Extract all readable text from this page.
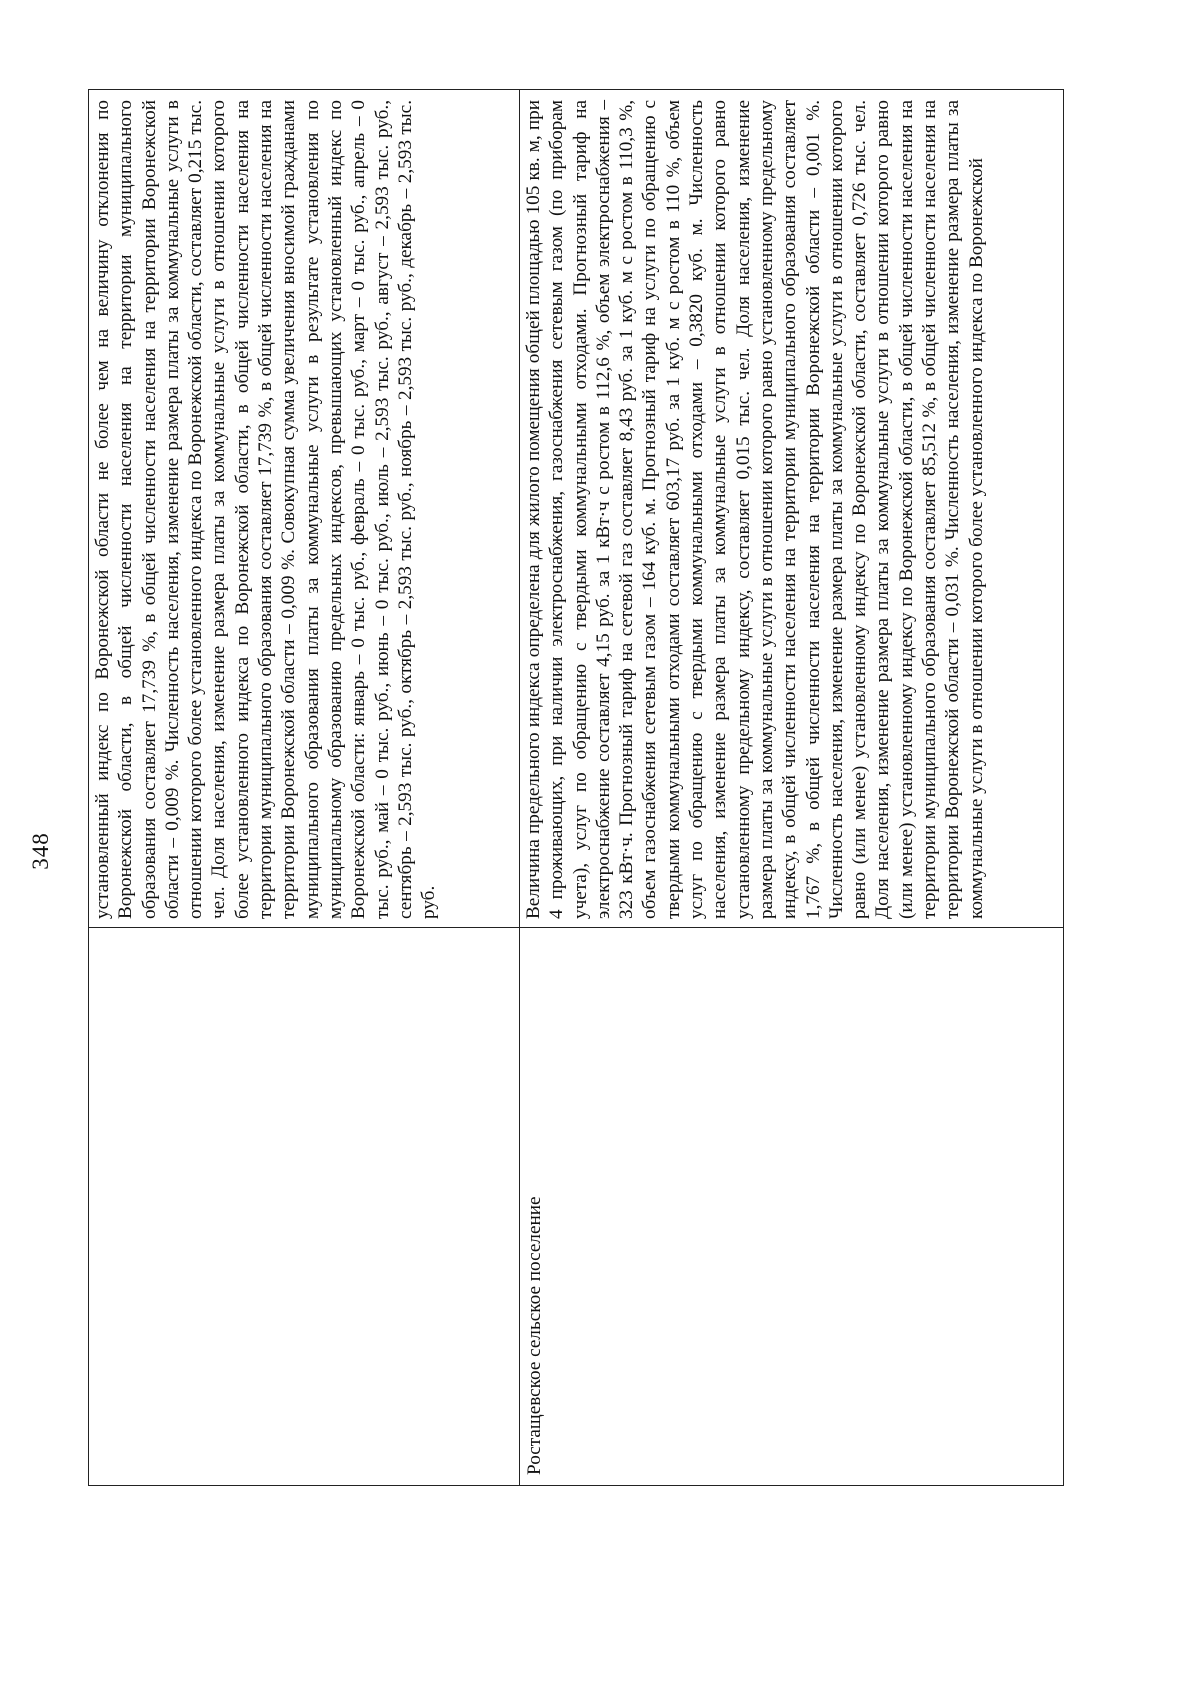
348
	установленный индекс по Воронежской области не более чем на величину отклонения по Воронежской области, в общей численности населения на территории муниципального образования составляет 17,739 %, в общей численности населения на территории Воронежской области – 0,009 %. Численность населения, изменение размера платы за коммунальные услуги в отношении которого более установленного индекса по Воронежской области, составляет 0,215 тыс. чел. Доля населения, изменение размера платы за коммунальные услуги в отношении которого более установленного индекса по Воронежской области, в общей численности населения на территории муниципального образования составляет 17,739 %, в общей численности населения на территории Воронежской области – 0,009 %. Совокупная сумма увеличения вносимой гражданами муниципального образования платы за коммунальные услуги в результате установления по муниципальному образованию предельных индексов, превышающих установленный индекс по Воронежской области: январь – 0 тыс. руб., февраль – 0 тыс. руб., март – 0 тыс. руб., апрель – 0 тыс. руб., май – 0 тыс. руб., июнь – 0 тыс. руб., июль – 2,593 тыс. руб., август – 2,593 тыс. руб., сентябрь – 2,593 тыс. руб., октябрь – 2,593 тыс. руб., ноябрь – 2,593 тыс. руб., декабрь – 2,593 тыс. руб.
Ростащевское сельское поселение	Величина предельного индекса определена для жилого помещения общей площадью 105 кв. м, при 4 проживающих, при наличии электроснабжения, газоснабжения сетевым газом (по приборам учета), услуг по обращению с твердыми коммунальными отходами. Прогнозный тариф на электроснабжение составляет 4,15 руб. за 1 кВт·ч с ростом в 112,6 %, объем электроснабжения – 323 кВт·ч. Прогнозный тариф на сетевой газ составляет 8,43 руб. за 1 куб. м с ростом в 110,3 %, объем газоснабжения сетевым газом – 164 куб. м. Прогнозный тариф на услуги по обращению с твердыми коммунальными отходами составляет 603,17 руб. за 1 куб. м с ростом в 110 %, объем услуг по обращению с твердыми коммунальными отходами – 0,3820 куб. м. Численность населения, изменение размера платы за коммунальные услуги в отношении которого равно установленному предельному индексу, составляет 0,015 тыс. чел. Доля населения, изменение размера платы за коммунальные услуги в отношении которого равно установленному предельному индексу, в общей численности населения на территории муниципального образования составляет 1,767 %, в общей численности населения на территории Воронежской области – 0,001 %. Численность населения, изменение размера платы за коммунальные услуги в отношении которого равно (или менее) установленному индексу по Воронежской области, составляет 0,726 тыс. чел. Доля населения, изменение размера платы за коммунальные услуги в отношении которого равно (или менее) установленному индексу по Воронежской области, в общей численности населения на территории муниципального образования составляет 85,512 %, в общей численности населения на территории Воронежской области – 0,031 %. Численность населения, изменение размера платы за коммунальные услуги в отношении которого более установленного индекса по Воронежской
